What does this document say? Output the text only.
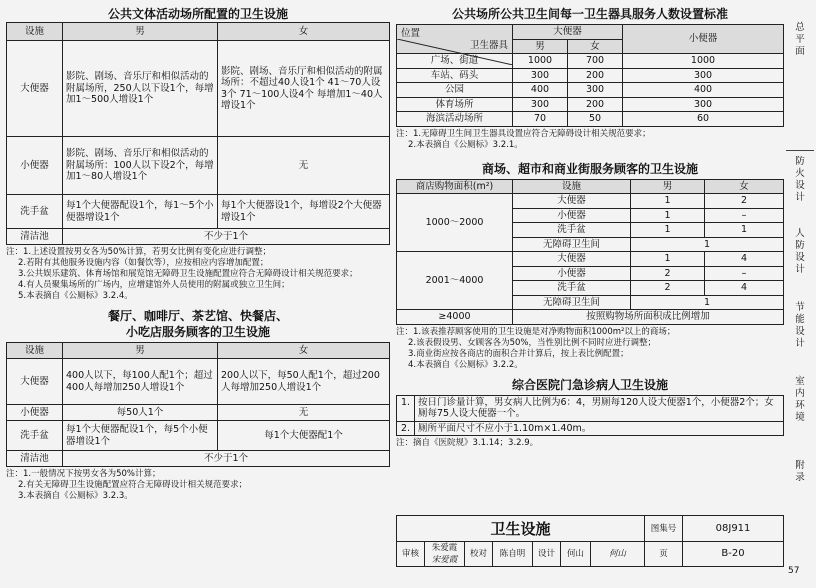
公共文体活动场所配置的卫生设施
设施	男	女
大便器	影院、剧场、音乐厅和相似活动的附属场所，250人以下设1个，每增加1～500人增设1个	影院、剧场、音乐厅和相似活动的附属场所：不超过40人设1个 41～70人设3个 71～100人设4个 每增加1～40人增设1个
小便器	影院、剧场、音乐厅和相似活动的附属场所：100人以下设2个，每增加1～80人增设1个	无
洗手盆	每1个大便器配设1个，每1～5个小便器增设1个	每1个大便器设1个，每增设2个大便器增设1个
清洁池	不少于1个	
注：1.上述设置按男女各为50%计算，若男女比例有变化应进行调整；
2.若附有其他服务设施内容（如餐饮等），应按相应内容增加配置；
3.公共娱乐建筑、体育场馆和展览馆无障碍卫生设施配置应符合无障碍设计相关规范要求；
4.有人员聚集场所的广场内，应增建馆外人员使用的附属或独立卫生间；
5.本表摘自《公厕标》3.2.4。
餐厅、咖啡厅、茶艺馆、快餐店、
小吃店服务顾客的卫生设施
设施	男	女
大便器	400人以下，每100人配1个；超过400人每增加250人增设1个	200人以下，每50人配1个，超过200人每增加250人增设1个
小便器	每50人1个	无
洗手盆	每1个大便器配设1个，每5个小便器增设1个	每1个大便器配1个
清洁池	不少于1个	
注：1.一般情况下按男女各为50%计算；
2.有关无障碍卫生设施配置应符合无障碍设计相关规范要求；
3.本表摘自《公厕标》3.2.3。
公共场所公共卫生间每一卫生器具服务人数设置标准
卫生器具
位置	大便器		小便器
	男	女	
广场、街道	1000	700	1000
车站、码头	300	200	300
公园	400	300	400
体育场所	300	200	300
海滨活动场所	70	50	60
注：1.无障碍卫生间卫生器具设置应符合无障碍设计相关规范要求；
2.本表摘自《公厕标》3.2.1。
商场、超市和商业街服务顾客的卫生设施
商店购物面积(m²)	设施	男	女
1000～2000	大便器	1	2
	小便器	1	–
	洗手盆	1	1
	无障碍卫生间	1	
2001～4000	大便器	1	4
	小便器	2	–
	洗手盆	2	4
	无障碍卫生间	1	
≥4000	按照购物场所面积成比例增加		
注：1.该表推荐顾客使用的卫生设施是对净购物面积1000m²以上的商场；
2.该表假设男、女顾客各为50%，当性别比例不同时应进行调整；
3.商业街应按各商店的面积合并计算后，按上表比例配置；
4.本表摘自《公厕标》3.2.2。
综合医院门急诊病人卫生设施
1.	按日门诊量计算，男女病人比例为6：4，男厕每120人设大便器1个，小便器2个；女厕每75人设大便器一个。
2.	厕所平面尺寸不应小于1.10m×1.40m。
注：摘自《医院规》3.1.14；3.2.9。
卫生设施							图集号	08J911
审核	朱爱霞 宋爱霞	校对	陈自明	设计	何山	何山	页	B-20
总
平
面
防
火
设
计
人
防
设
计
节
能
设
计
室
内
环
境
附
录
57
